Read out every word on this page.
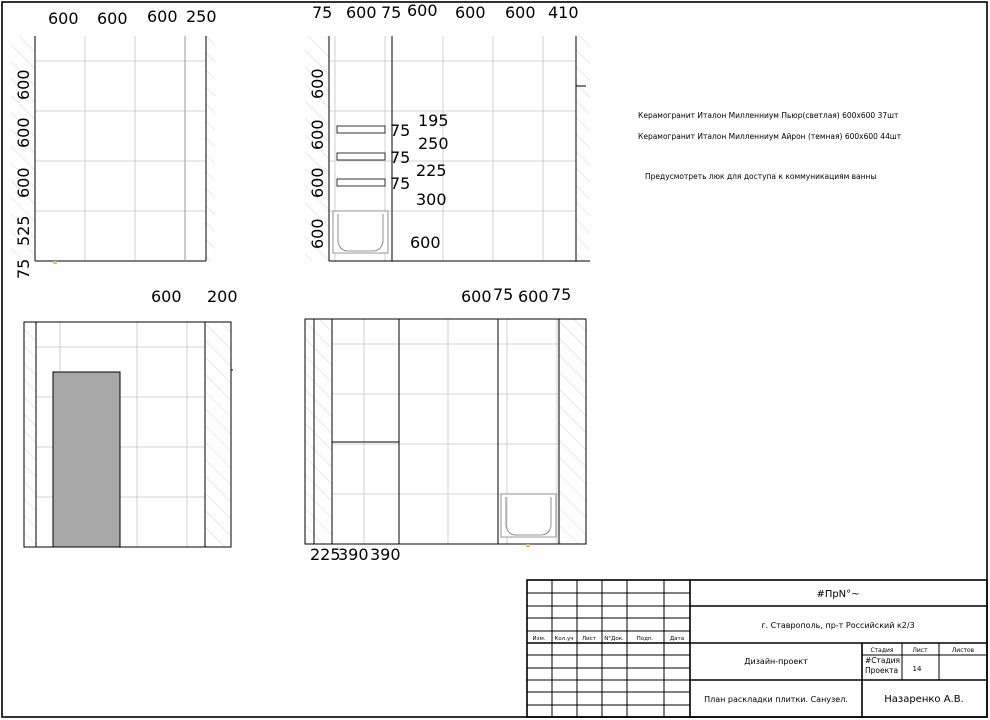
600 600 600 250
600
600
600
525
75
75 600 75 600 600 600 410
600
600
600
600
75
75
75
195
250
225
300
600
Керамогранит Италон Милленниум Пьюр(светлая) 600х600 37шт
Керамогранит Италон Милленниум Айрон (темная) 600х600 44шт
Предусмотреть люк для доступа к коммуникациям ванны
600 200	600 75 600 75
225
390 390
Изм. Кол.уч Лист N°Док. Подп.	Дата
#ПрN°~
г. Ставрополь, пр-т Российский к2/3
Дизайн-проект
Стадия	Лист	Листов
#Стадия Проекта	14
План раскладки плитки. Санузел.	Назаренко А.В.
